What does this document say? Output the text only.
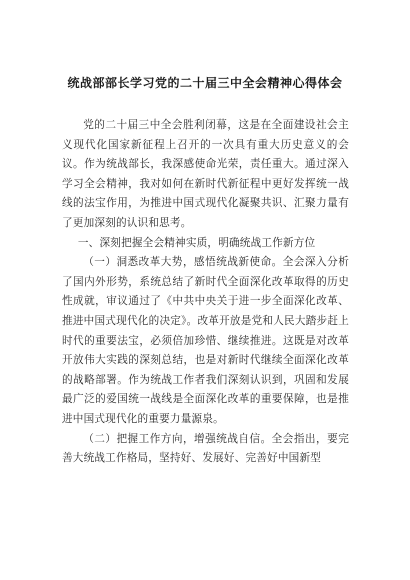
统战部部长学习党的二十届三中全会精神心得体会

党的二十届三中全会胜利闭幕，这是在全面建设社会主义现代化国家新征程上召开的一次具有重大历史意义的会议。作为统战部长，我深感使命光荣，责任重大。通过深入学习全会精神，我对如何在新时代新征程中更好发挥统一战线的法宝作用，为推进中国式现代化凝聚共识、汇聚力量有了更加深刻的认识和思考。

一、深刻把握全会精神实质，明确统战工作新方位

（一）洞悉改革大势，感悟统战新使命。全会深入分析了国内外形势，系统总结了新时代全面深化改革取得的历史性成就，审议通过了《中共中央关于进一步全面深化改革、推进中国式现代化的决定》。改革开放是党和人民大踏步赶上时代的重要法宝，必须倍加珍惜、继续推进。这既是对改革开放伟大实践的深刻总结，也是对新时代继续全面深化改革的战略部署。作为统战工作者我们深刻认识到，巩固和发展最广泛的爱国统一战线是全面深化改革的重要保障，也是推进中国式现代化的重要力量源泉。

（二）把握工作方向，增强统战自信。全会指出，要完善大统战工作格局，坚持好、发展好、完善好中国新型
